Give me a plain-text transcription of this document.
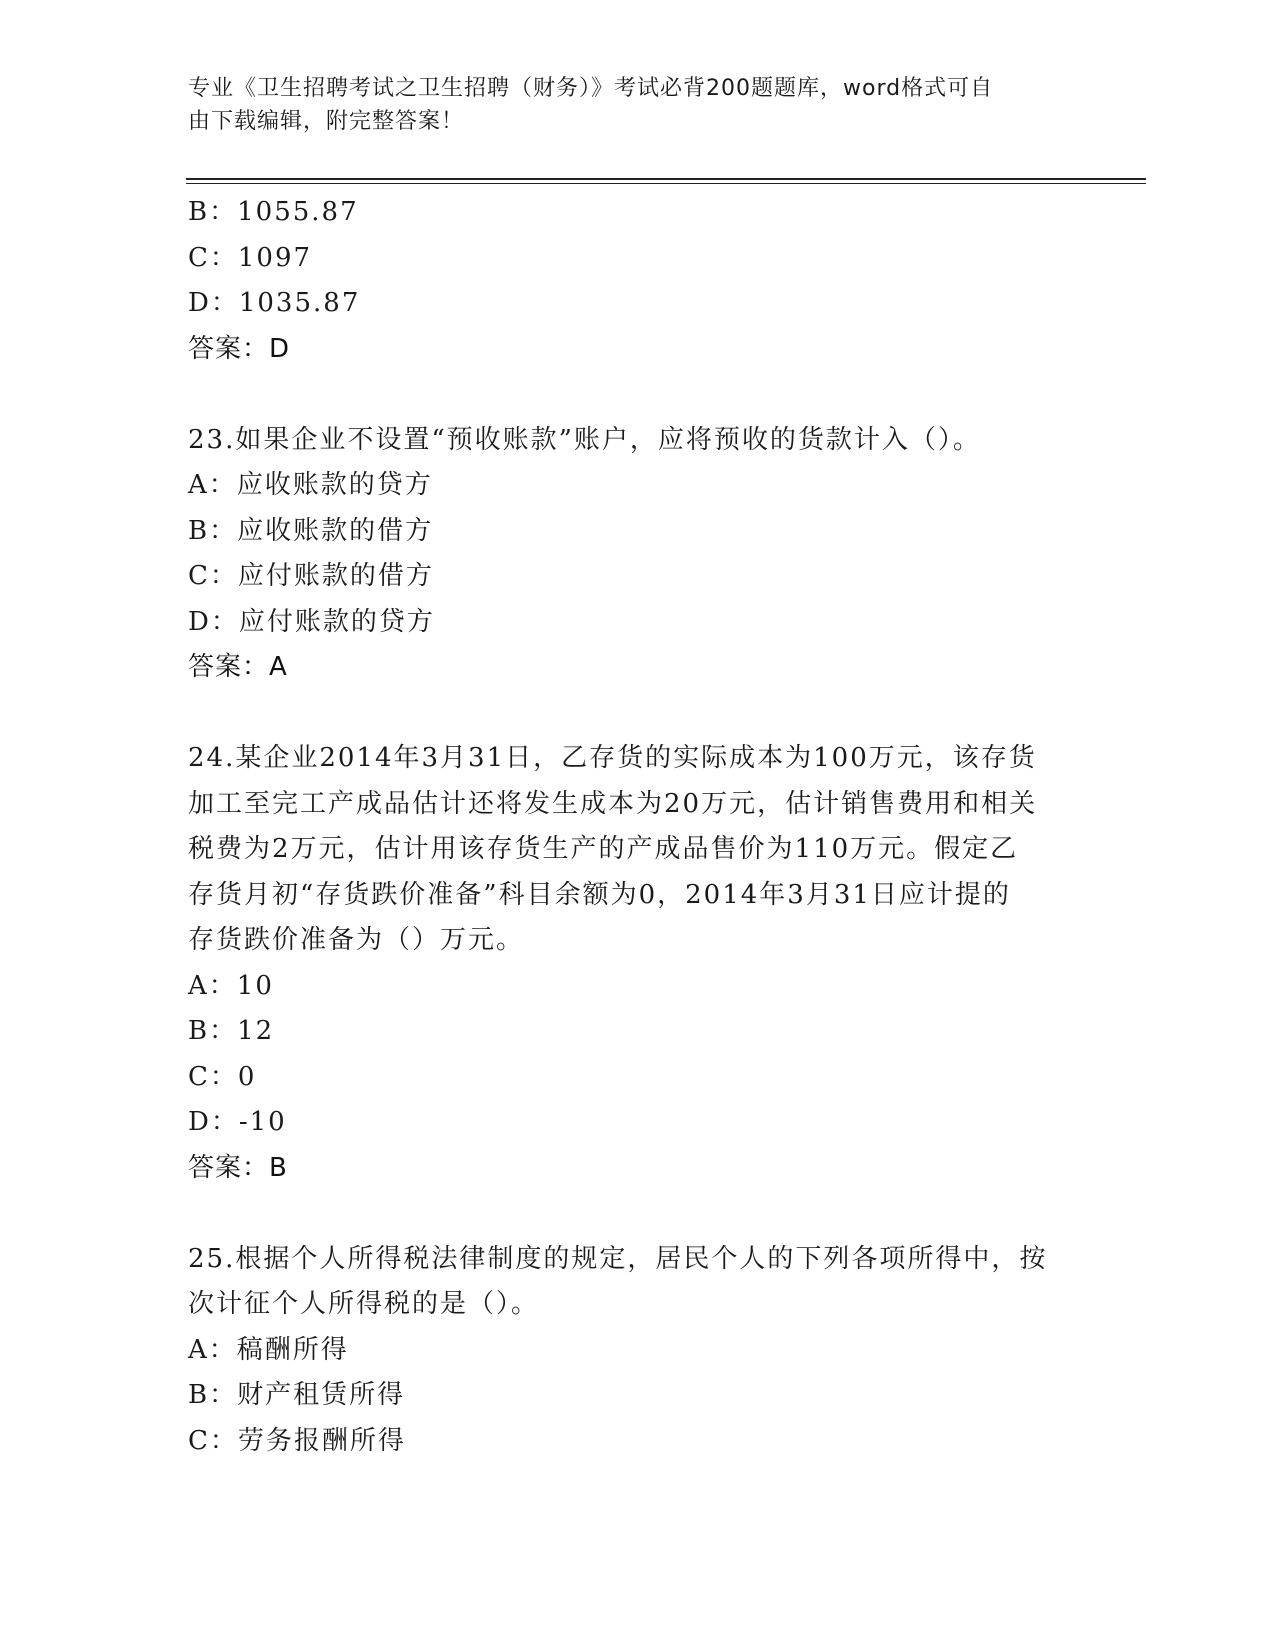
专业《卫生招聘考试之卫生招聘（财务）》考试必背200题题库，word格式可自
由下载编辑，附完整答案！
B：1055.87
C：1097
D：1035.87
答案：D
23.如果企业不设置“预收账款”账户，应将预收的货款计入（）。
A：应收账款的贷方
B：应收账款的借方
C：应付账款的借方
D：应付账款的贷方
答案：A
24.某企业2014年3月31日，乙存货的实际成本为100万元，该存货
加工至完工产成品估计还将发生成本为20万元，估计销售费用和相关
税费为2万元，估计用该存货生产的产成品售价为110万元。假定乙
存货月初“存货跌价准备”科目余额为0，2014年3月31日应计提的
存货跌价准备为（）万元。
A：10
B：12
C：0
D：-10
答案：B
25.根据个人所得税法律制度的规定，居民个人的下列各项所得中，按
次计征个人所得税的是（）。
A：稿酬所得
B：财产租赁所得
C：劳务报酬所得
